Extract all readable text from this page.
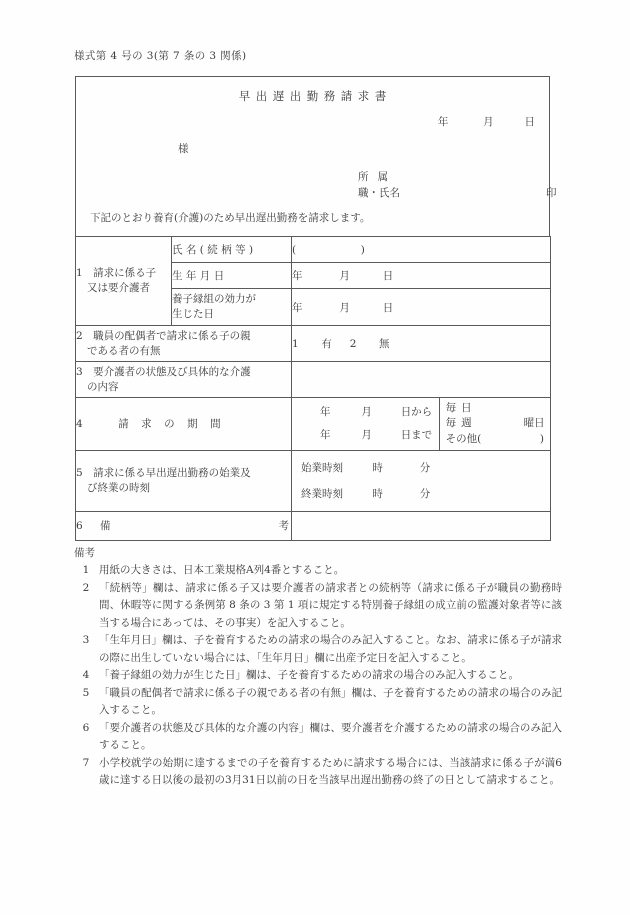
様式第 4 号の 3(第 7 条の 3 関係)
早出遅出勤務請求書
年	月	日
様
所属
職・氏名	印
下記のとおり養育(介護)のため早出遅出勤務を請求します。
1　請求に係る子
又は要介護者	氏名(続柄等)	( )
	生年月日	年 月 日

	養子縁組の効力が
生じた日	年 月 日

2　職員の配偶者で請求に係る子の親
である者の有無		1 有 2 無

3　要介護者の状態及び具体的な介護
の内容		

4　請求の期間

年	月	日から
年	月	日まで
毎日
毎週	曜日
その他(	)

5　請求に係る早出遅出勤務の始業及
び終業の時刻

始業時刻	時	分
終業時刻	時	分

6 備 考		

備考
1 用紙の大きさは、日本工業規格A列4番とすること。
2 「続柄等」欄は、請求に係る子又は要介護者の請求者との続柄等（請求に係る子が職員の勤務時間、休暇等に関する条例第 8 条の 3 第 1 項に規定する特別養子縁組の成立前の監護対象者等に該当する場合にあっては、その事実）を記入すること。
3 「生年月日」欄は、子を養育するための請求の場合のみ記入すること。なお、請求に係る子が請求の際に出生していない場合には、「生年月日」欄に出産予定日を記入すること。
4 「養子縁組の効力が生じた日」欄は、子を養育するための請求の場合のみ記入すること。
5 「職員の配偶者で請求に係る子の親である者の有無」欄は、子を養育するための請求の場合のみ記入すること。
6 「要介護者の状態及び具体的な介護の内容」欄は、要介護者を介護するための請求の場合のみ記入すること。
7 小学校就学の始期に達するまでの子を養育するために請求する場合には、当該請求に係る子が満6歳に達する日以後の最初の3月31日以前の日を当該早出遅出勤務の終了の日として請求すること。
